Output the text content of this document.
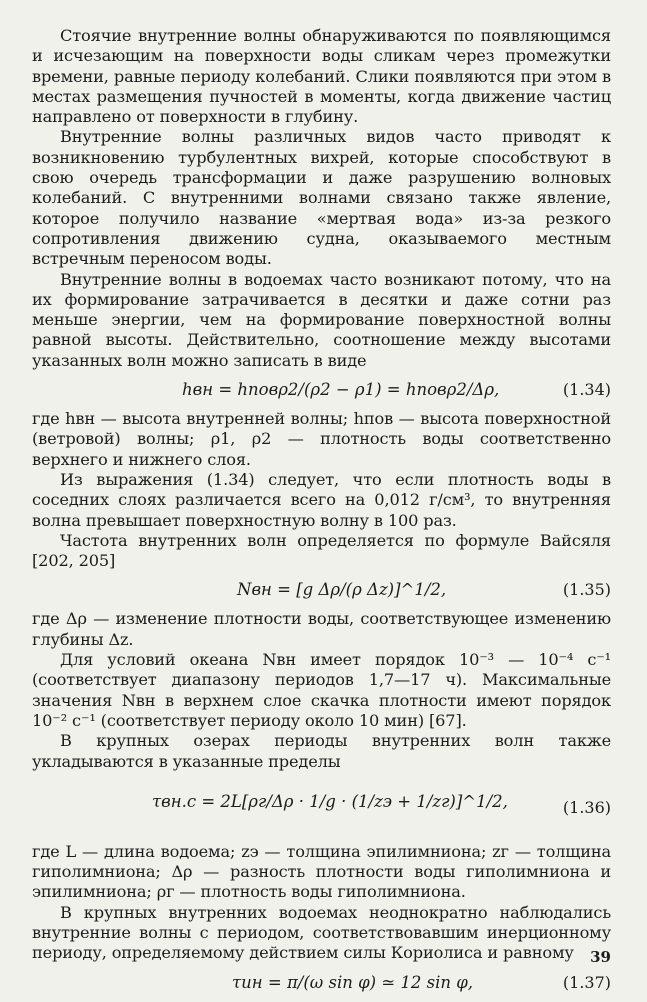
Стоячие внутренние волны обнаруживаются по появляющимся и исчезающим на поверхности воды сликам через промежутки времени, равные периоду колебаний. Слики появляются при этом в местах размещения пучностей в моменты, когда движение частиц направлено от поверхности в глубину.

Внутренние волны различных видов часто приводят к возникновению турбулентных вихрей, которые способствуют в свою очередь трансформации и даже разрушению волновых колебаний. С внутренними волнами связано также явление, которое получило название «мертвая вода» из-за резкого сопротивления движению судна, оказываемого местным встречным переносом воды.

Внутренние волны в водоемах часто возникают потому, что на их формирование затрачивается в десятки и даже сотни раз меньше энергии, чем на формирование поверхностной волны равной высоты. Действительно, соотношение между высотами указанных волн можно записать в виде

hвн = hповρ2/(ρ2 − ρ1) = hповρ2/Δρ,	(1.34)

где hвн — высота внутренней волны; hпов — высота поверхностной (ветровой) волны; ρ1, ρ2 — плотность воды соответственно верхнего и нижнего слоя.

Из выражения (1.34) следует, что если плотность воды в соседних слоях различается всего на 0,012 г/см³, то внутренняя волна превышает поверхностную волну в 100 раз.

Частота внутренних волн определяется по формуле Вайсяля [202, 205]

Nвн = [g Δρ/(ρ Δz)]^1/2,	(1.35)

где Δρ — изменение плотности воды, соответствующее изменению глубины Δz.

Для условий океана Nвн имеет порядок 10⁻³ — 10⁻⁴ с⁻¹ (соответствует диапазону периодов 1,7—17 ч). Максимальные значения Nвн в верхнем слое скачка плотности имеют порядок 10⁻² с⁻¹ (соответствует периоду около 10 мин) [67].

В крупных озерах периоды внутренних волн также укладываются в указанные пределы

τвн.с = 2L[ρг/Δρ · 1/g · (1/zэ + 1/zг)]^1/2,	(1.36)

где L — длина водоема; zэ — толщина эпилимниона; zг — толщина гиполимниона; Δρ — разность плотности воды гиполимниона и эпилимниона; ρг — плотность воды гиполимниона.

В крупных внутренних водоемах неоднократно наблюдались внутренние волны с периодом, соответствовавшим инерционному периоду, определяемому действием силы Кориолиса и равному

τин = π/(ω sin φ) ≃ 12 sin φ,	(1.37)
39
